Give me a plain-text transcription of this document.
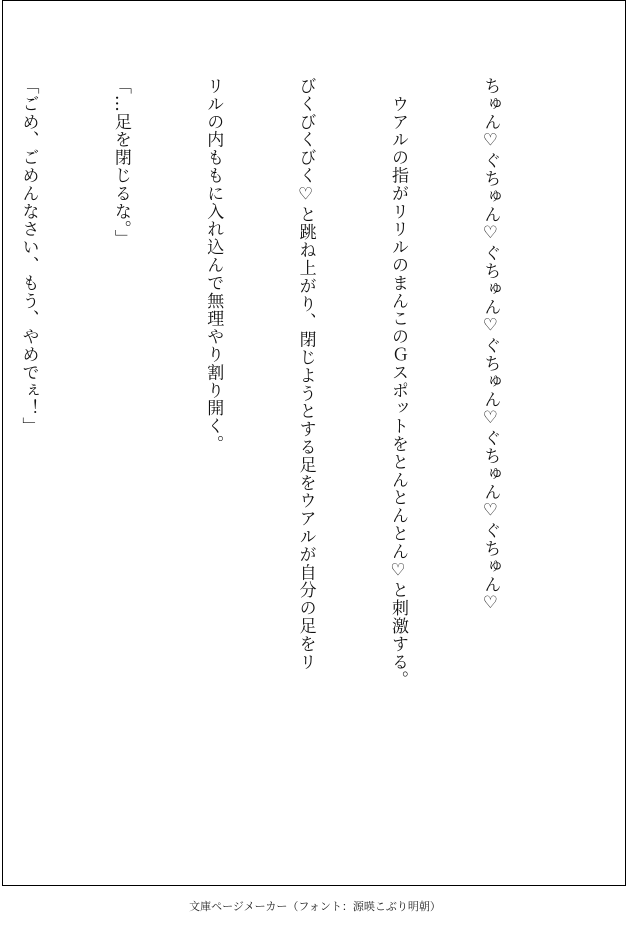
ちゅん♡ぐちゅん♡ぐちゅん♡ぐちゅん♡ぐちゅん♡ぐちゅん♡

　ウアルの指がリリルのまんこのＧスポットをとんとんとん♡と刺激する。

びくびくびく♡と跳ね上がり、閉じようとする足をウアルが自分の足をリ

リルの内ももに入れ込んで無理やり割り開く。

「…足を閉じるな。」

「ごめ、ごめんなさい、もう、やめでぇ！」

文庫ページメーカー（フォント：源暎こぶり明朝）
